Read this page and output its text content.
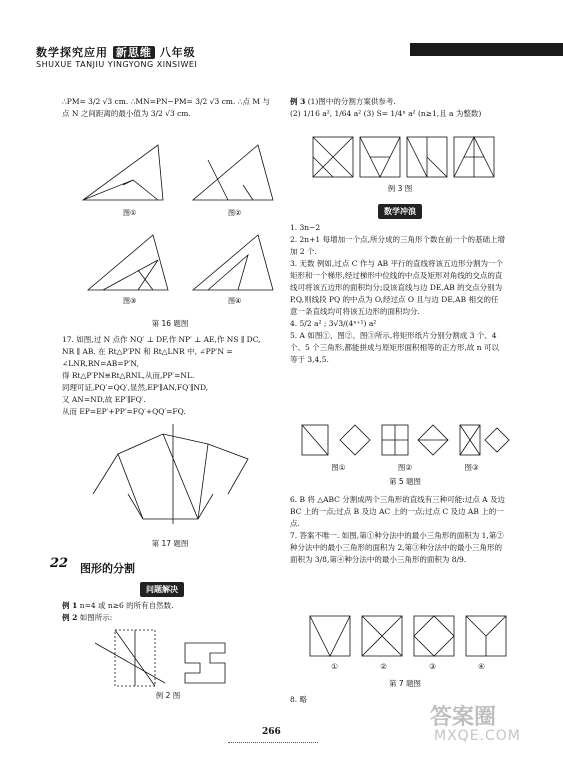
数学探究应用 新思维 八年级
SHUXUE TANJIU YINGYONG XINSIWEI

∴PM= 3/2 √3 cm. ∴MN=PN−PM= 3/2 √3 cm. ∴点 M 与

点 N 之间距离的最小值为 3/2 √3 cm.

图①	图②
图③	图④
第 16 题图

17. 如图,过 N 点作 NQ′ ⊥ DF,作 NP′ ⊥ AE,作 NS ∥ DC,

NR ∥ AB. 在 Rt△P′PN 和 Rt△LNR 中, ∠PP′N =

∠LNR,RN=AB=P′N,

得 Rt△P′PN≌Rt△RNL,从而,PP′=NL.

同理可证,PQ′=QQ′,显然,EP′∥AN,FQ′∥ND,

又 AN=ND,故 EP′∥FQ′.

从而 EP=EP′+PP′=FQ′+QQ′=FQ.

第 17 题图
22 图形的分割
问题解决

例 1 n=4 或 n≥6 的所有自然数.

例 2 如图所示:

例 2 图

例 3 (1)图中的分割方案供参考.

(2) 1/16 a², 1/64 a² (3) S= 1/4ⁿ a² (n≥1,且 a 为整数)

例 3 图
数学冲浪

1. 3n−2

2. 2n+1 每增加一个点,所分成的三角形个数在前一个的基础上增加 2 个.

3. 无数 例如,过点 C 作与 AB 平行的直线将该五边形分割为一个矩形和一个梯形,经过梯形中位线的中点及矩形对角线的交点的直线可将该五边形的面积均分;设该直线与边 DE,AB 的交点分别为 P,Q,则线段 PQ 的中点为 O,经过点 O 且与边 DE,AB 相交的任意一条直线均可将该五边形的面积均分.

4. 5/2 a² ; 3√3/(4ⁿ⁺¹) a²

5. A 如图①、图②、图③所示,将矩形纸片分别分割成 3 个、4 个、5 个三角形,都能拼成与原矩形面积相等的正方形,故 n 可以等于 3,4,5.

图①	图②	图③
第 5 题图

6. B 将 △ABC 分割成两个三角形的直线有三种可能:过点 A 及边 BC 上的一点;过点 B 及边 AC 上的一点;过点 C 及边 AB 上的一点.

7. 答案不唯一. 如图,第①种分法中的最小三角形的面积为 1,第②种分法中的最小三角形的面积为 2,第③种分法中的最小三角形的面积为 3/8,第④种分法中的最小三角形的面积为 8/9.

①	②	③	④
第 7 题图
8. 略
266
答案圈
MXQE.COM
